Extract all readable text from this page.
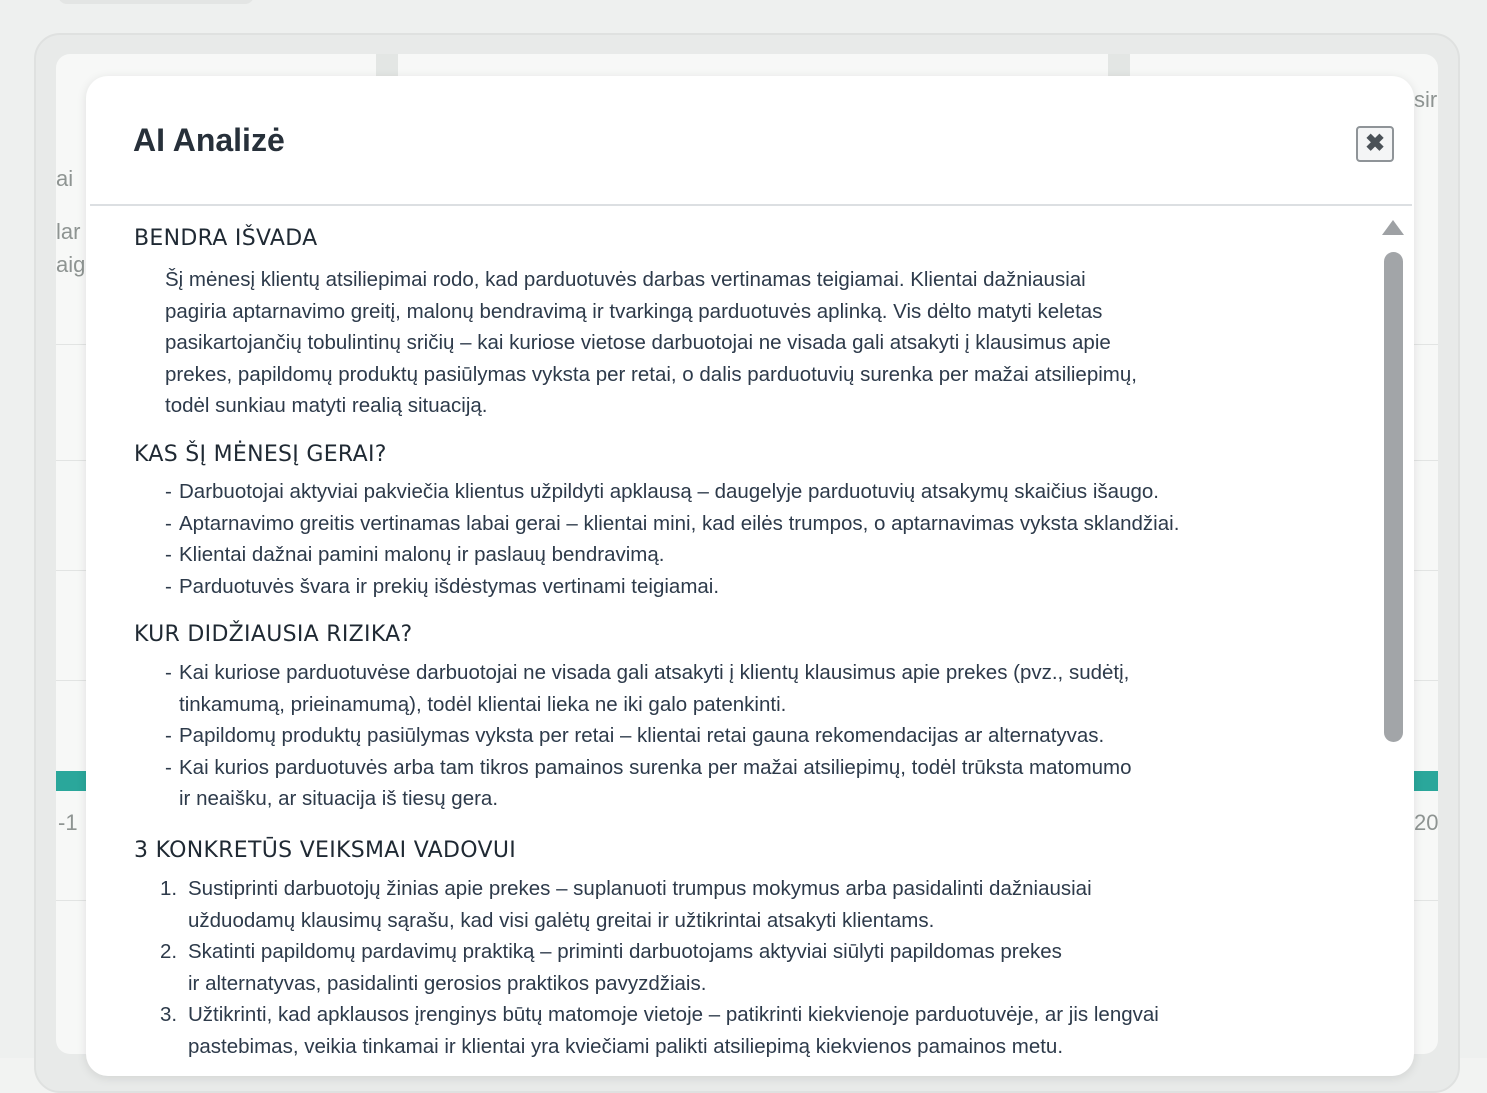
ai
lar
aig
-1	20
sir
AI Analizė	✖
BENDRA IŠVADA
Šį mėnesį klientų atsiliepimai rodo, kad parduotuvės darbas vertinamas teigiamai. Klientai dažniausiai
pagiria aptarnavimo greitį, malonų bendravimą ir tvarkingą parduotuvės aplinką. Vis dėlto matyti keletas
pasikartojančių tobulintinų sričių – kai kuriose vietose darbuotojai ne visada gali atsakyti į klausimus apie
prekes, papildomų produktų pasiūlymas vyksta per retai, o dalis parduotuvių surenka per mažai atsiliepimų,
todėl sunkiau matyti realią situaciją.
KAS ŠĮ MĖNESĮ GERAI?
- Darbuotojai aktyviai pakviečia klientus užpildyti apklausą – daugelyje parduotuvių atsakymų skaičius išaugo.
- Aptarnavimo greitis vertinamas labai gerai – klientai mini, kad eilės trumpos, o aptarnavimas vyksta sklandžiai.
- Klientai dažnai pamini malonų ir paslauų bendravimą.
- Parduotuvės švara ir prekių išdėstymas vertinami teigiamai.
KUR DIDŽIAUSIA RIZIKA?
- Kai kuriose parduotuvėse darbuotojai ne visada gali atsakyti į klientų klausimus apie prekes (pvz., sudėtį,
tinkamumą, prieinamumą), todėl klientai lieka ne iki galo patenkinti.
- Papildomų produktų pasiūlymas vyksta per retai – klientai retai gauna rekomendacijas ar alternatyvas.
- Kai kurios parduotuvės arba tam tikros pamainos surenka per mažai atsiliepimų, todėl trūksta matomumo
ir neaišku, ar situacija iš tiesų gera.
3 KONKRETŪS VEIKSMAI VADOVUI
1. Sustiprinti darbuotojų žinias apie prekes – suplanuoti trumpus mokymus arba pasidalinti dažniausiai
užduodamų klausimų sąrašu, kad visi galėtų greitai ir užtikrintai atsakyti klientams.
2. Skatinti papildomų pardavimų praktiką – priminti darbuotojams aktyviai siūlyti papildomas prekes
ir alternatyvas, pasidalinti gerosios praktikos pavyzdžiais.
3. Užtikrinti, kad apklausos įrenginys būtų matomoje vietoje – patikrinti kiekvienoje parduotuvėje, ar jis lengvai
pastebimas, veikia tinkamai ir klientai yra kviečiami palikti atsiliepimą kiekvienos pamainos metu.
